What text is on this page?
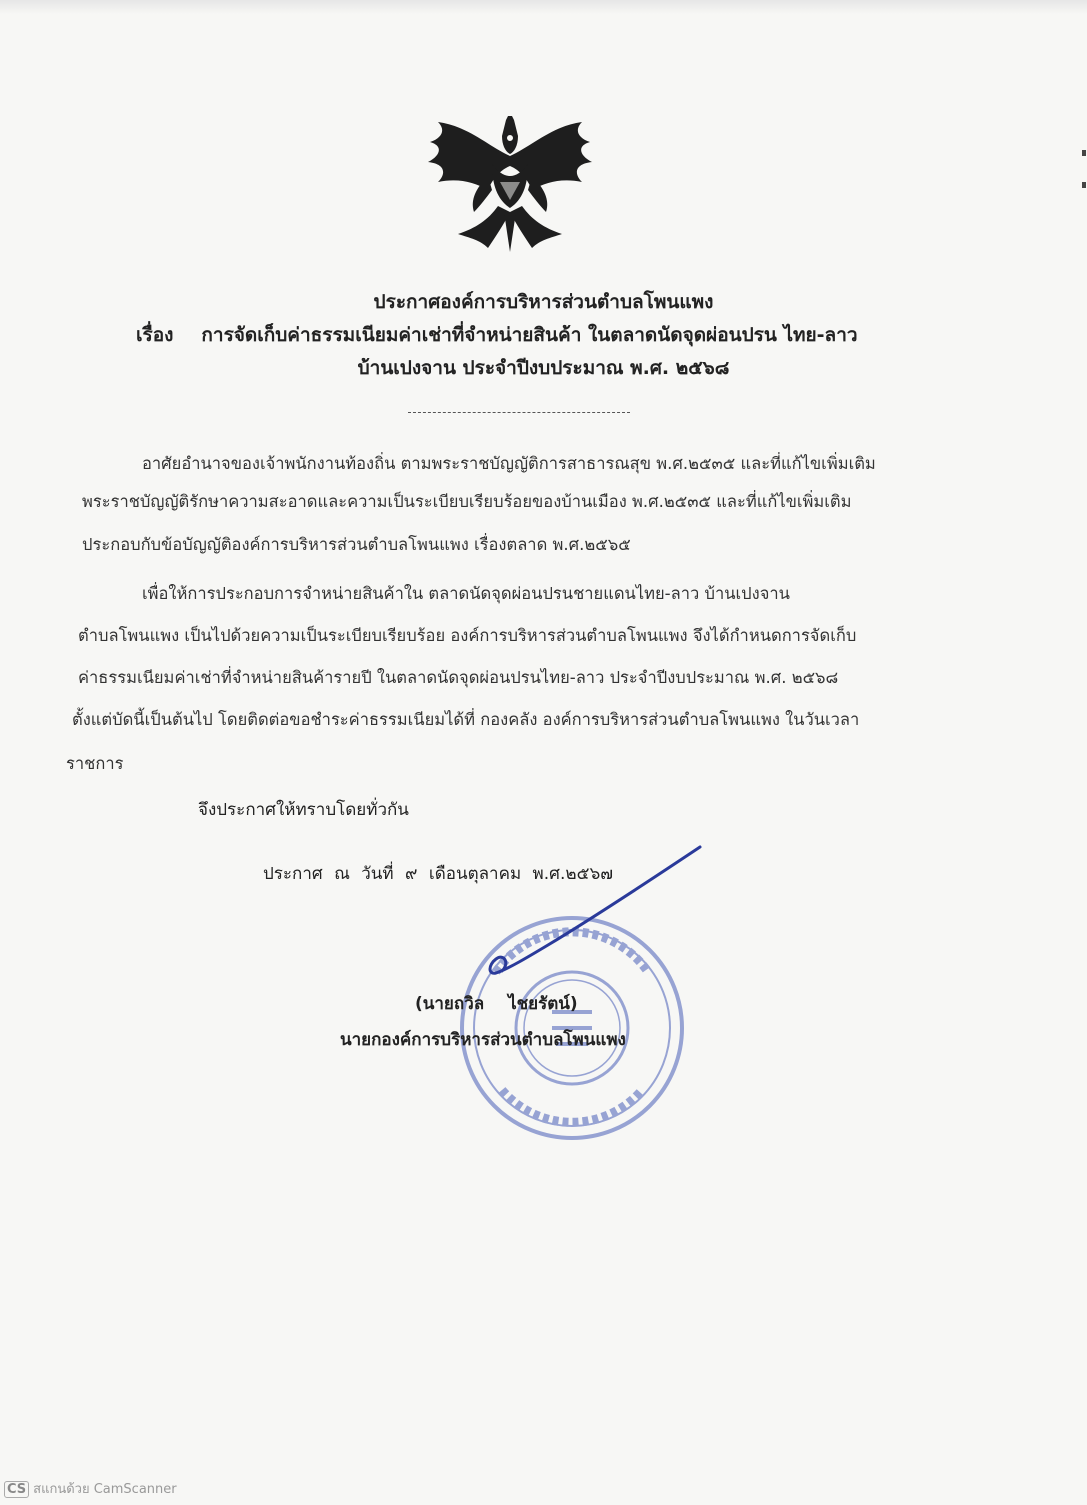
ประกาศองค์การบริหารส่วนตำบลโพนแพง
เรื่อง การจัดเก็บค่าธรรมเนียมค่าเช่าที่จำหน่ายสินค้า ในตลาดนัดจุดผ่อนปรน ไทย-ลาว
บ้านเปงจาน ประจำปีงบประมาณ พ.ศ. ๒๕๖๘
อาศัยอำนาจของเจ้าพนักงานท้องถิ่น ตามพระราชบัญญัติการสาธารณสุข พ.ศ.๒๕๓๕ และที่แก้ไขเพิ่มเติม
พระราชบัญญัติรักษาความสะอาดและความเป็นระเบียบเรียบร้อยของบ้านเมือง พ.ศ.๒๕๓๕ และที่แก้ไขเพิ่มเติม
ประกอบกับข้อบัญญัติองค์การบริหารส่วนตำบลโพนแพง เรื่องตลาด พ.ศ.๒๕๖๕
เพื่อให้การประกอบการจำหน่ายสินค้าใน ตลาดนัดจุดผ่อนปรนชายแดนไทย-ลาว บ้านเปงจาน
ตำบลโพนแพง เป็นไปด้วยความเป็นระเบียบเรียบร้อย องค์การบริหารส่วนตำบลโพนแพง จึงได้กำหนดการจัดเก็บ
ค่าธรรมเนียมค่าเช่าที่จำหน่ายสินค้ารายปี ในตลาดนัดจุดผ่อนปรนไทย-ลาว ประจำปีงบประมาณ พ.ศ. ๒๕๖๘
ตั้งแต่บัดนี้เป็นต้นไป โดยติดต่อขอชำระค่าธรรมเนียมได้ที่ กองคลัง องค์การบริหารส่วนตำบลโพนแพง ในวันเวลา
ราชการ
จึงประกาศให้ทราบโดยทั่วกัน
ประกาศ ณ วันที่ ๙ เดือนตุลาคม พ.ศ.๒๕๖๗
(นายถวิล ไชยรัตน์)
นายกองค์การบริหารส่วนตำบลโพนแพง
CS สแกนด้วย CamScanner
